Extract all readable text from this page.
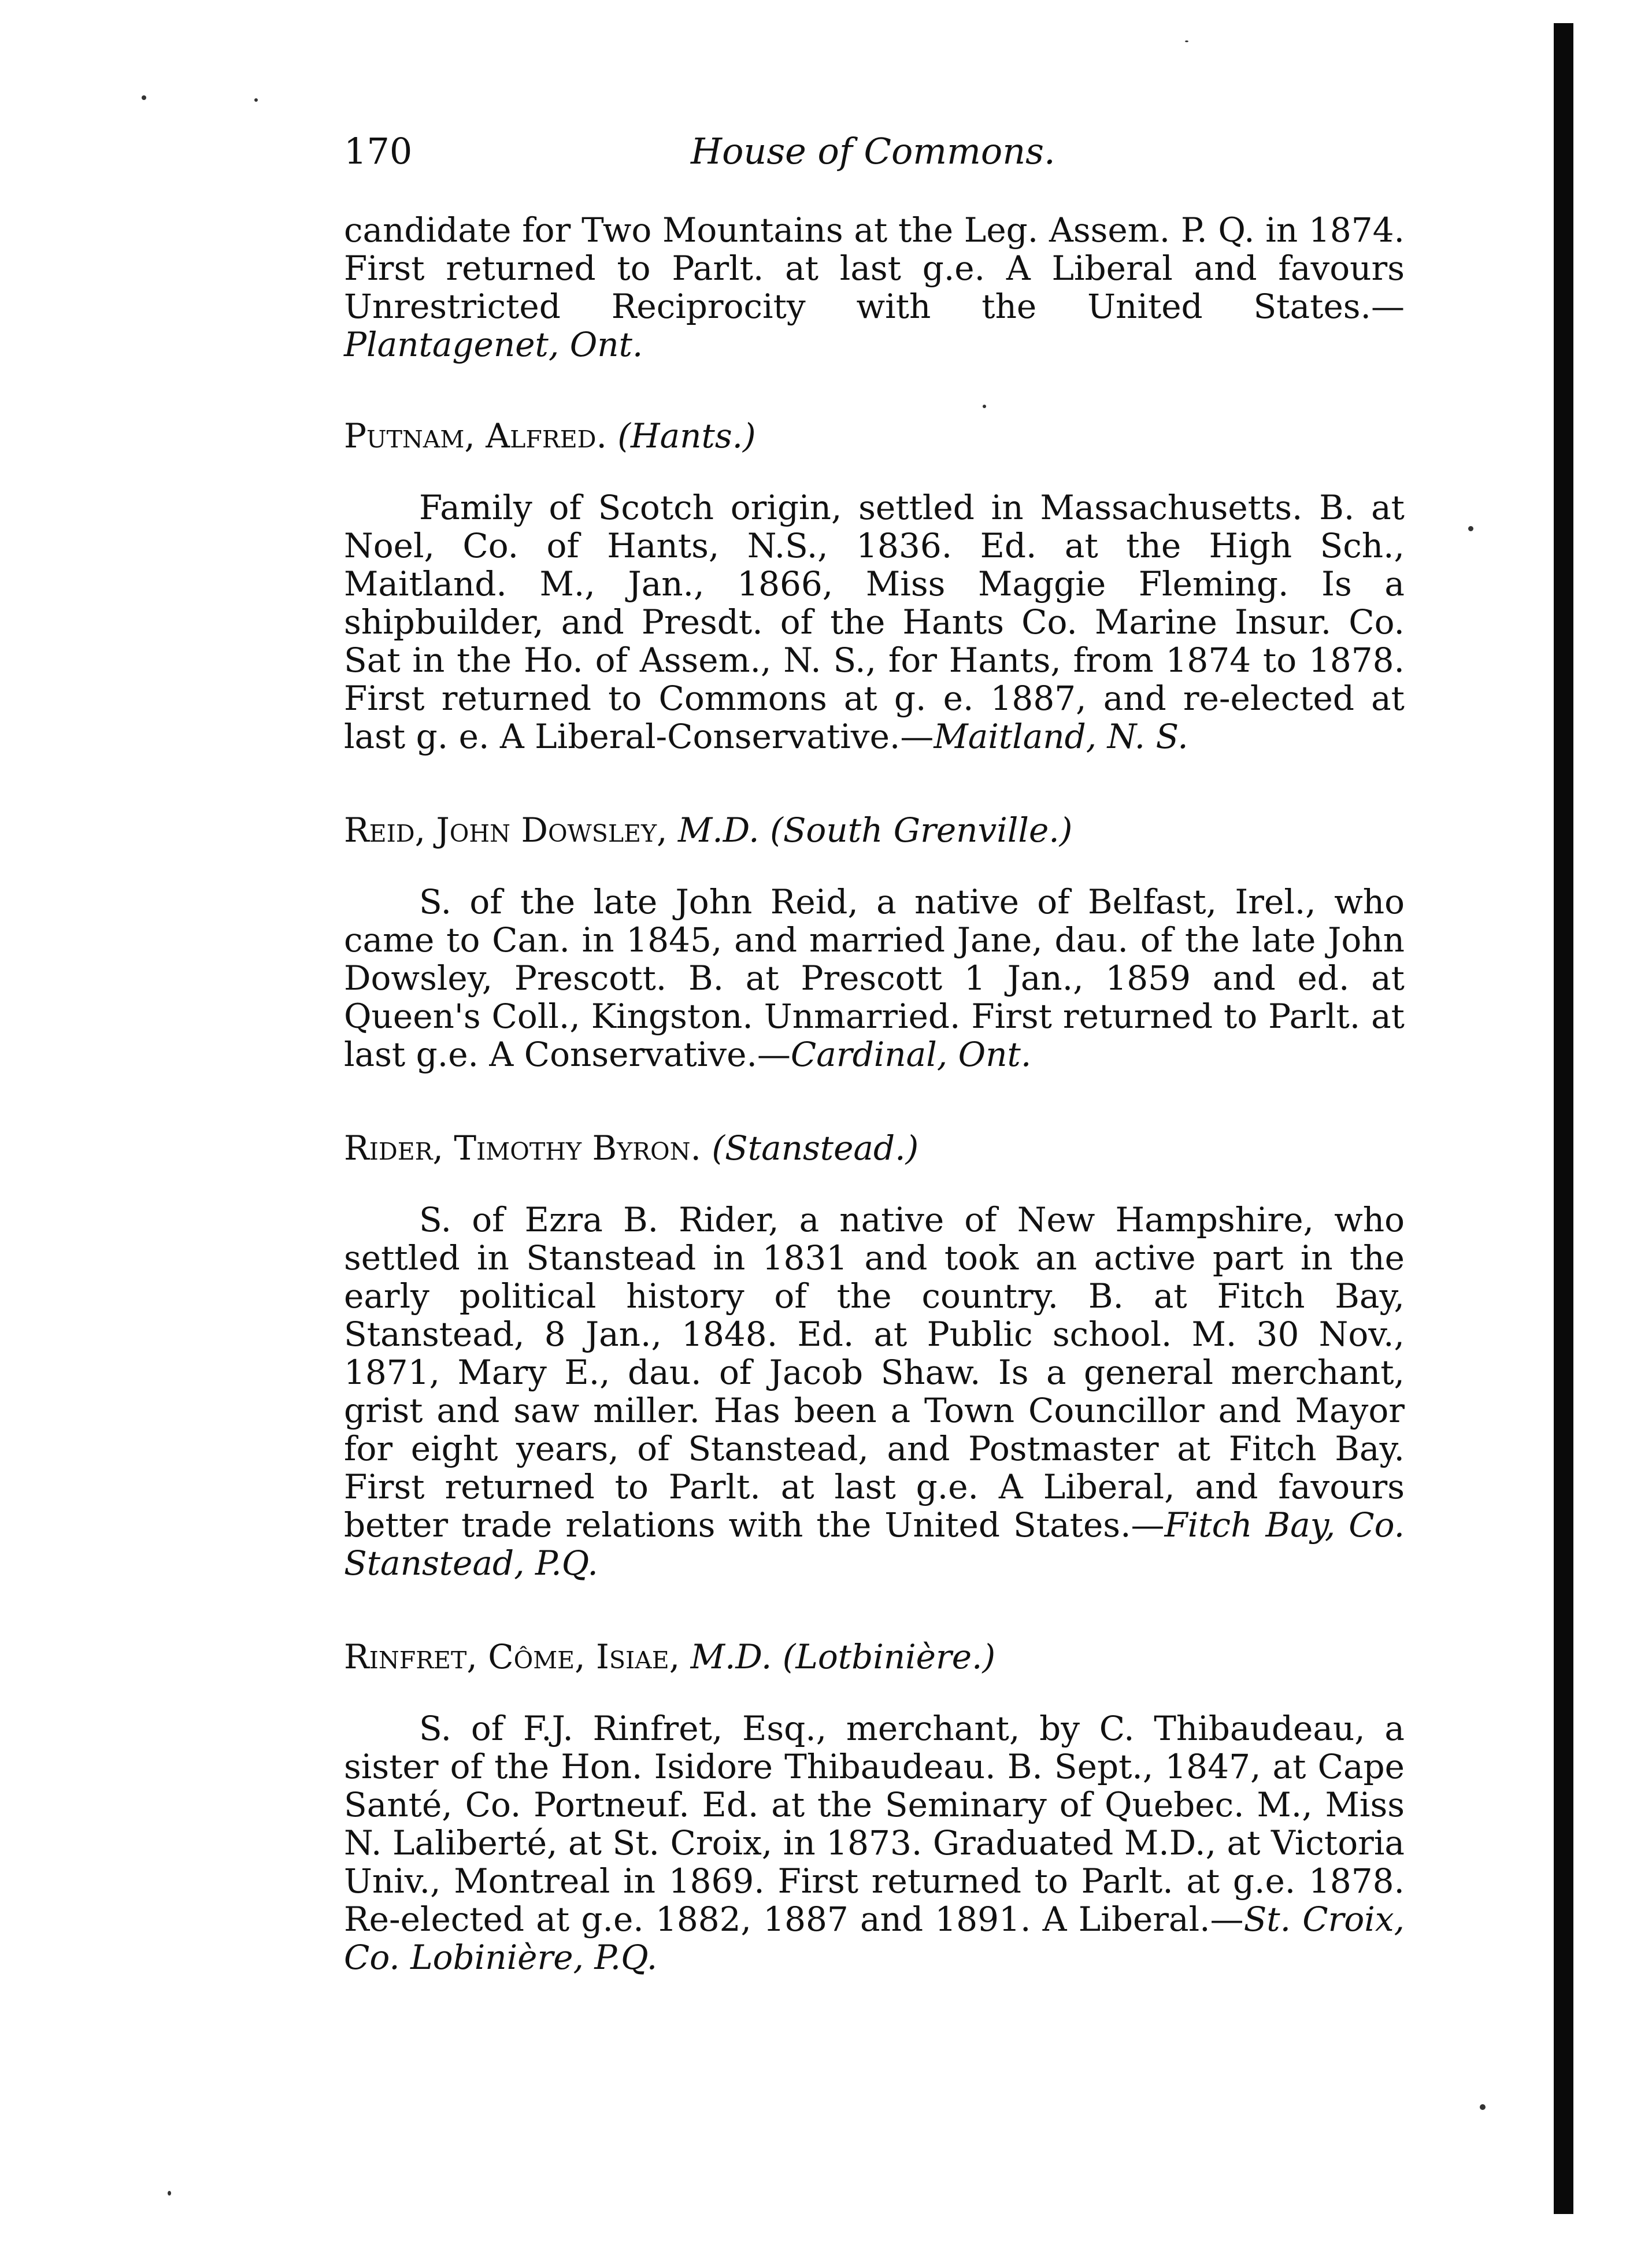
170	House of Commons.

candidate for Two Mountains at the Leg. Assem. P. Q. in 1874. First returned to Parlt. at last g.e. A Liberal and favours Unrestricted Reciprocity with the United States.—Plantagenet, Ont.

Putnam, Alfred. (Hants.)

Family of Scotch origin, settled in Massachusetts. B. at Noel, Co. of Hants, N.S., 1836. Ed. at the High Sch., Maitland. M., Jan., 1866, Miss Maggie Fleming. Is a shipbuilder, and Presdt. of the Hants Co. Marine Insur. Co. Sat in the Ho. of Assem., N. S., for Hants, from 1874 to 1878. First returned to Commons at g. e. 1887, and re-elected at last g. e. A Liberal-Conservative.—Maitland, N. S.

Reid, John Dowsley, M.D. (South Grenville.)

S. of the late John Reid, a native of Belfast, Irel., who came to Can. in 1845, and married Jane, dau. of the late John Dowsley, Prescott. B. at Prescott 1 Jan., 1859 and ed. at Queen's Coll., Kingston. Unmarried. First returned to Parlt. at last g.e. A Conservative.—Cardinal, Ont.

Rider, Timothy Byron. (Stanstead.)

S. of Ezra B. Rider, a native of New Hampshire, who settled in Stanstead in 1831 and took an active part in the early political history of the country. B. at Fitch Bay, Stanstead, 8 Jan., 1848. Ed. at Public school. M. 30 Nov., 1871, Mary E., dau. of Jacob Shaw. Is a general merchant, grist and saw miller. Has been a Town Councillor and Mayor for eight years, of Stanstead, and Postmaster at Fitch Bay. First returned to Parlt. at last g.e. A Liberal, and favours better trade relations with the United States.—Fitch Bay, Co. Stanstead, P.Q.

Rinfret, Côme, Isiae, M.D. (Lotbinière.)

S. of F.J. Rinfret, Esq., merchant, by C. Thibaudeau, a sister of the Hon. Isidore Thibaudeau. B. Sept., 1847, at Cape Santé, Co. Portneuf. Ed. at the Seminary of Quebec. M., Miss N. Laliberté, at St. Croix, in 1873. Graduated M.D., at Victoria Univ., Montreal in 1869. First returned to Parlt. at g.e. 1878. Re-elected at g.e. 1882, 1887 and 1891. A Liberal.—St. Croix, Co. Lobinière, P.Q.
